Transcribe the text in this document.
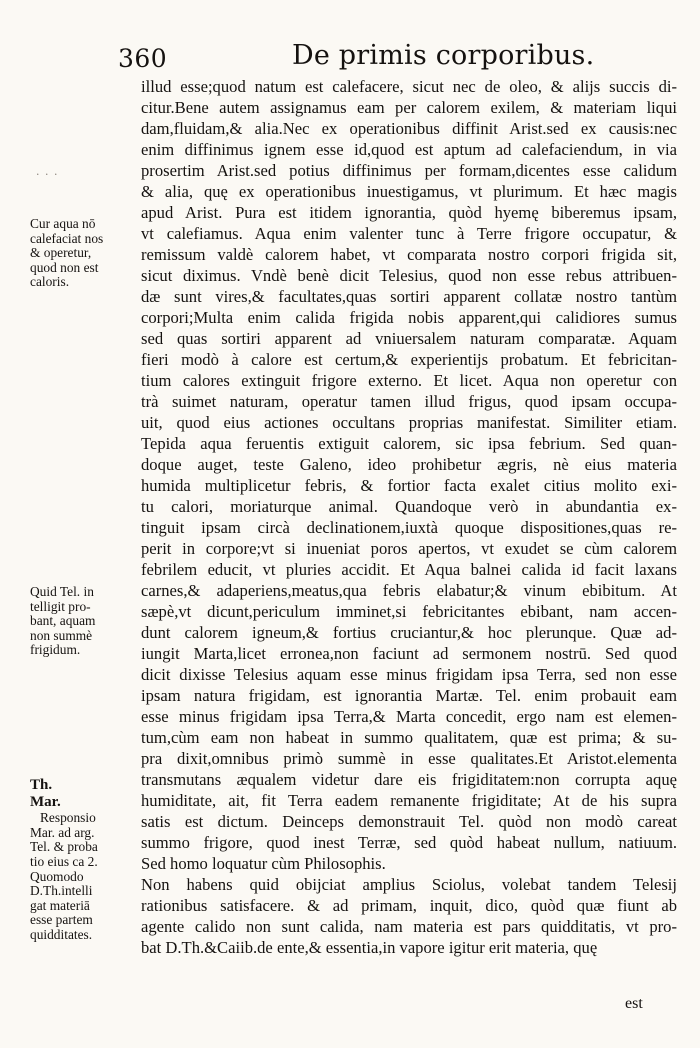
360	De primis corporibus.
· · ·
Cur aqua nō
calefaciat nos
& operetur,
quod non est
caloris.
Quid Tel. in
telligit pro-
bant, aquam
non summè
frigidum.
Th.
Mar.
Responsio
Mar. ad arg.
Tel. & proba
tio eius ca 2.
Quomodo
D.Th.intelli
gat materiā
esse partem
quidditates.
illud esse;quod natum est calefacere, sicut nec de oleo, & alijs succis di-
citur.Bene autem assignamus eam per calorem exilem, & materiam liqui
dam,fluidam,& alia.Nec ex operationibus diffinit Arist.sed ex causis:nec
enim diffinimus ignem esse id,quod est aptum ad calefaciendum, in via
prosertim Arist.sed potius diffinimus per formam,dicentes esse calidum
& alia, quę ex operationibus inuestigamus, vt plurimum. Et hæc magis
apud Arist. Pura est itidem ignorantia, quòd hyemę biberemus ipsam,
vt calefiamus. Aqua enim valenter tunc à Terre frigore occupatur, &
remissum valdè calorem habet, vt comparata nostro corpori frigida sit,
sicut diximus. Vndè benè dicit Telesius, quod non esse rebus attribuen-
dæ sunt vires,& facultates,quas sortiri apparent collatæ nostro tantùm
corpori;Multa enim calida frigida nobis apparent,qui calidiores sumus
sed quas sortiri apparent ad vniuersalem naturam comparatæ. Aquam
fieri modò à calore est certum,& experientijs probatum. Et febricitan-
tium calores extinguit frigore externo. Et licet. Aqua non operetur con
trà suimet naturam, operatur tamen illud frigus, quod ipsam occupa-
uit, quod eius actiones occultans proprias manifestat. Similiter etiam.
Tepida aqua feruentis extiguit calorem, sic ipsa febrium. Sed quan-
doque auget, teste Galeno, ideo prohibetur ægris, nè eius materia
humida multiplicetur febris, & fortior facta exalet citius molito exi-
tu calori, moriaturque animal. Quandoque verò in abundantia ex-
tinguit ipsam circà declinationem,iuxtà quoque dispositiones,quas re-
perit in corpore;vt si inueniat poros apertos, vt exudet se cùm calorem
febrilem educit, vt pluries accidit. Et Aqua balnei calida id facit laxans
carnes,& adaperiens,meatus,qua febris elabatur;& vinum ebibitum. At
sæpè,vt dicunt,periculum imminet,si febricitantes ebibant, nam accen-
dunt calorem igneum,& fortius cruciantur,& hoc plerunque. Quæ ad-
iungit Marta,licet erronea,non faciunt ad sermonem nostrū. Sed quod
dicit dixisse Telesius aquam esse minus frigidam ipsa Terra, sed non esse
ipsam natura frigidam, est ignorantia Martæ. Tel. enim probauit eam
esse minus frigidam ipsa Terra,& Marta concedit, ergo nam est elemen-
tum,cùm eam non habeat in summo qualitatem, quæ est prima; & su-
pra dixit,omnibus primò summè in esse qualitates.Et Aristot.elementa
transmutans æqualem videtur dare eis frigiditatem:non corrupta aquę
humiditate, ait, fit Terra eadem remanente frigiditate; At de his supra
satis est dictum. Deinceps demonstrauit Tel. quòd non modò careat
summo frigore, quod inest Terræ, sed quòd habeat nullum, natiuum.
Sed homo loquatur cùm Philosophis.
Non habens quid obijciat amplius Sciolus, volebat tandem Telesij
rationibus satisfacere. & ad primam, inquit, dico, quòd quæ fiunt ab
agente calido non sunt calida, nam materia est pars quidditatis, vt pro-
bat D.Th.&Caiib.de ente,& essentia,in vapore igitur erit materia, quę
est
